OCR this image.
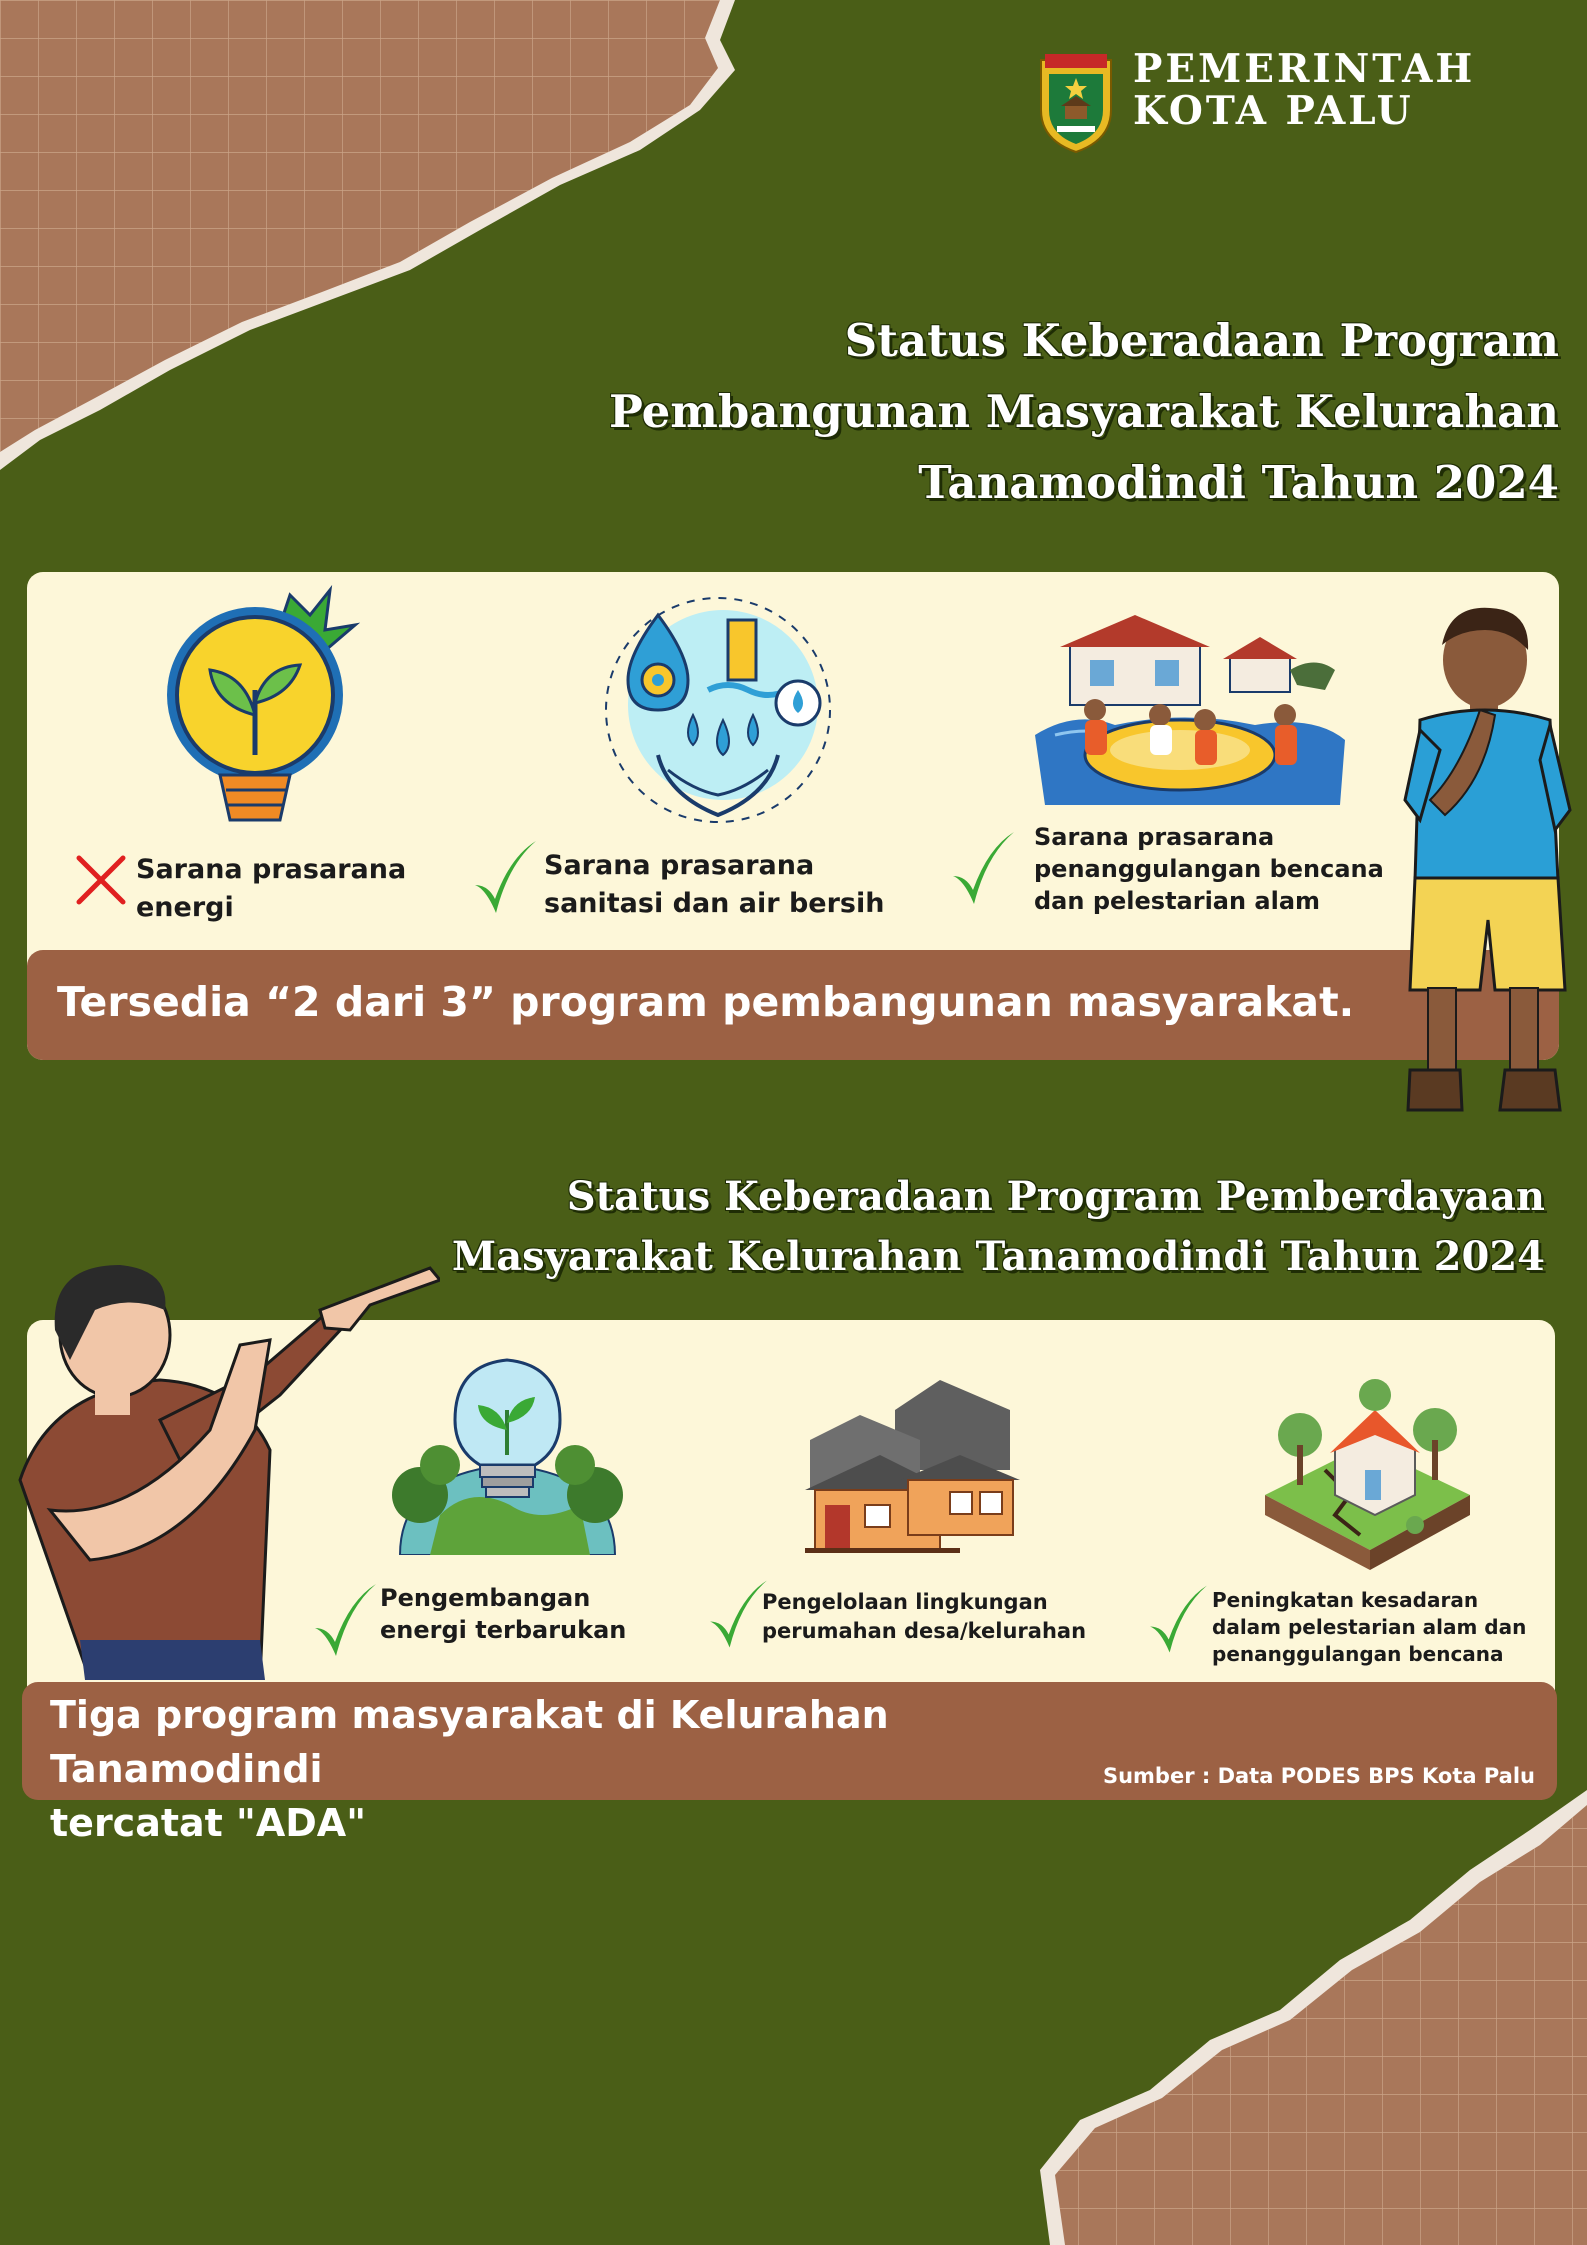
PEMERINTAH
KOTA PALU
Status Keberadaan Program
Pembangunan Masyarakat Kelurahan
Tanamodindi Tahun 2024
Sarana prasarana
energi
Sarana prasarana
sanitasi dan air bersih
Sarana prasarana
penanggulangan bencana
dan pelestarian alam
Tersedia “2 dari 3” program pembangunan masyarakat.
Status Keberadaan Program Pemberdayaan
Masyarakat Kelurahan Tanamodindi Tahun 2024
Pengembangan
energi terbarukan
Pengelolaan lingkungan
perumahan desa/kelurahan
Peningkatan kesadaran
dalam pelestarian alam dan
penanggulangan bencana
Tiga program masyarakat di Kelurahan Tanamodindi
tercatat "ADA"
Sumber : Data PODES BPS Kota Palu
